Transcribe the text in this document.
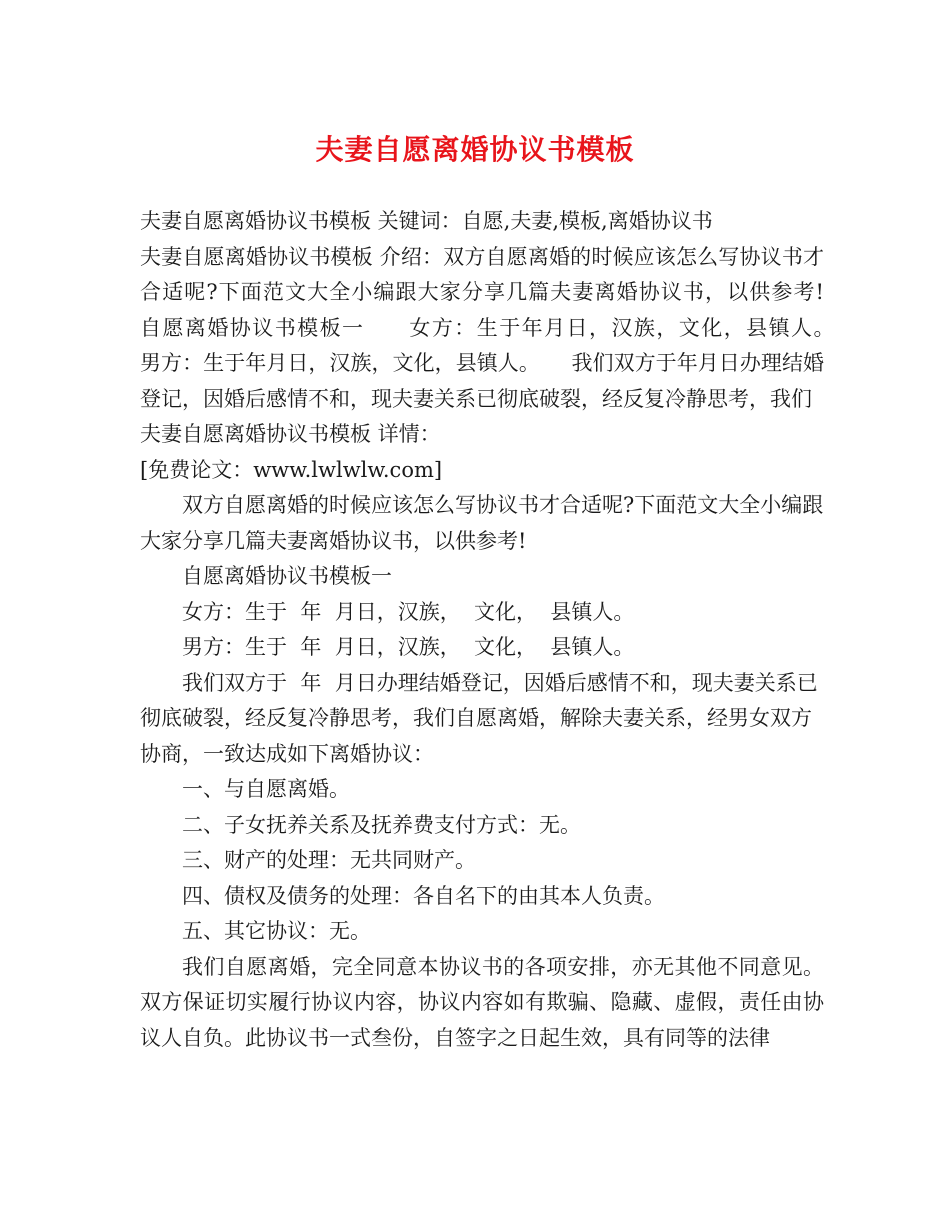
夫妻自愿离婚协议书模板

夫妻自愿离婚协议书模板 关键词：自愿,夫妻,模板,离婚协议书

夫妻自愿离婚协议书模板 介绍：双方自愿离婚的时候应该怎么写协议书才合适呢?下面范文大全小编跟大家分享几篇夫妻离婚协议书，以供参考!　　自愿离婚协议书模板一　　女方：生于年月日，汉族，文化，县镇人。　　男方：生于年月日，汉族，文化，县镇人。　　我们双方于年月日办理结婚登记，因婚后感情不和，现夫妻关系已彻底破裂，经反复冷静思考，我们

夫妻自愿离婚协议书模板 详情：

[免费论文：www.lwlwlw.com]

双方自愿离婚的时候应该怎么写协议书才合适呢?下面范文大全小编跟大家分享几篇夫妻离婚协议书，以供参考!

自愿离婚协议书模板一

女方：生于  年  月日，汉族，  文化，  县镇人。

男方：生于  年  月日，汉族，  文化，  县镇人。

我们双方于  年  月日办理结婚登记，因婚后感情不和，现夫妻关系已彻底破裂，经反复冷静思考，我们自愿离婚，解除夫妻关系，经男女双方协商，一致达成如下离婚协议：

一、与自愿离婚。

二、子女抚养关系及抚养费支付方式：无。

三、财产的处理：无共同财产。

四、债权及债务的处理：各自名下的由其本人负责。

五、其它协议：无。

我们自愿离婚，完全同意本协议书的各项安排，亦无其他不同意见。双方保证切实履行协议内容，协议内容如有欺骗、隐藏、虚假，责任由协议人自负。此协议书一式叁份，自签字之日起生效，具有同等的法律
